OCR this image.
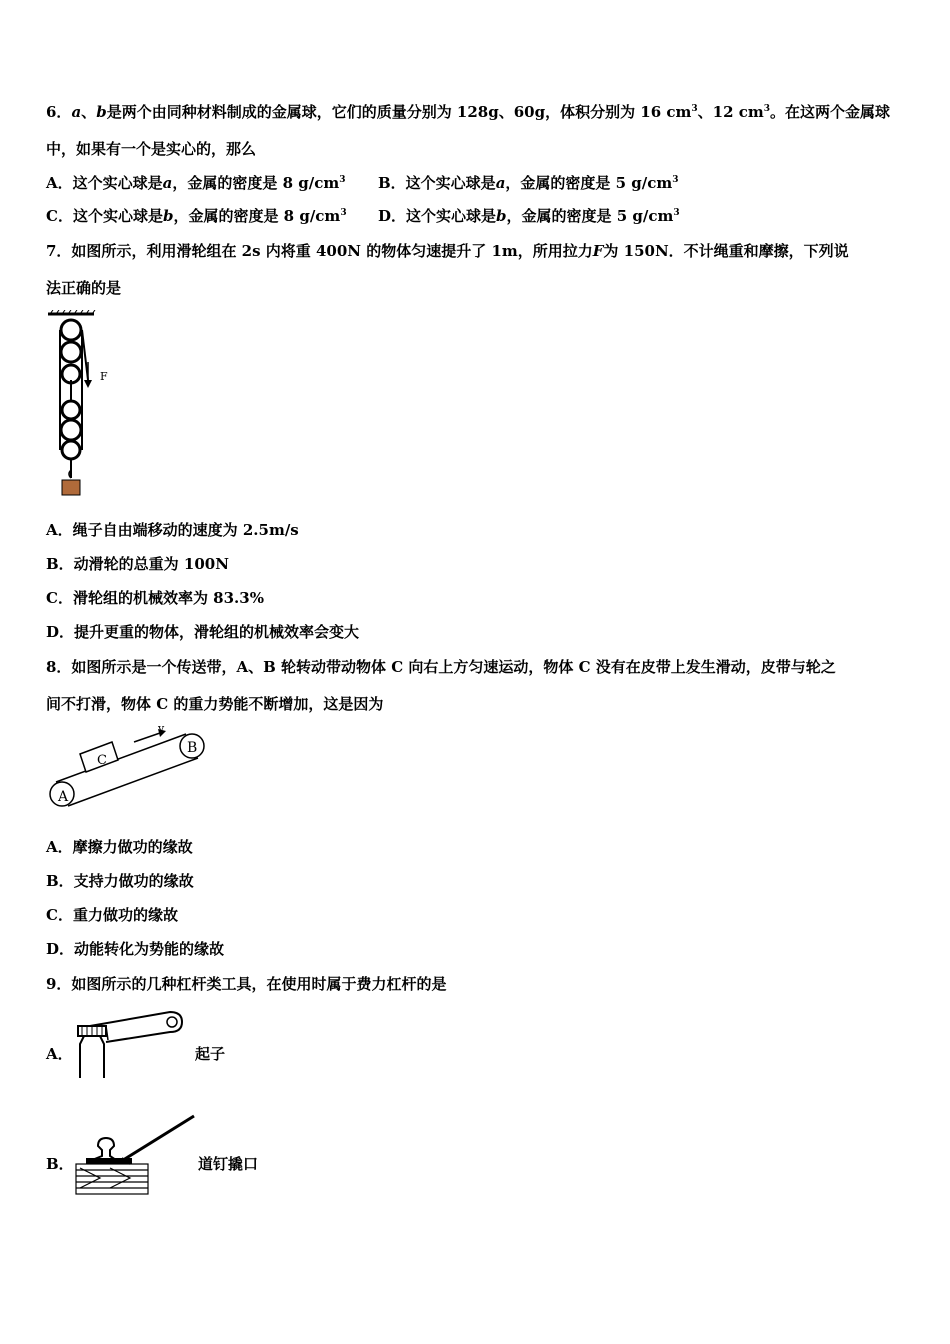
6．a、b是两个由同种材料制成的金属球，它们的质量分别为 128g、60g，体积分别为 16 $cm^3$、12 $cm^3$。在这两个金属球
中，如果有一个是实心的，那么
A．这个实心球是a，金属的密度是 8 $g/cm^3$ B．这个实心球是a，金属的密度是 5 $g/cm^3$
C．这个实心球是b，金属的密度是 8 $g/cm^3$ D．这个实心球是b，金属的密度是 5 $g/cm^3$
7．如图所示，利用滑轮组在 2s 内将重 400N 的物体匀速提升了 1m，所用拉力F为 150N．不计绳重和摩擦，下列说
法正确的是
F
A．绳子自由端移动的速度为 2.5m/s
B．动滑轮的总重为 100N
C．滑轮组的机械效率为 83.3%
D．提升更重的物体，滑轮组的机械效率会变大
8．如图所示是一个传送带，A、B 轮转动带动物体 C 向右上方匀速运动，物体 C 没有在皮带上发生滑动，皮带与轮之
间不打滑，物体 C 的重力势能不断增加，这是因为
A
B
C
v
A．摩擦力做功的缘故
B．支持力做功的缘故
C．重力做功的缘故
D．动能转化为势能的缘故
9．如图所示的几种杠杆类工具，在使用时属于费力杠杆的是
A．	起子
B．	道钉撬口
